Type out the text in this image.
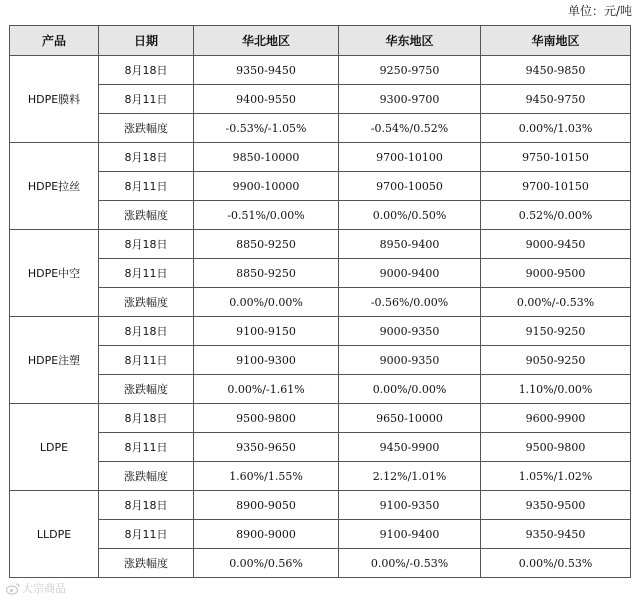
单位：元/吨
产品	日期	华北地区	华东地区	华南地区
HDPE膜料	8月18日	9350-9450	9250-9750	9450-9850
	8月11日	9400-9550	9300-9700	9450-9750
	涨跌幅度	-0.53%/-1.05%	-0.54%/0.52%	0.00%/1.03%
HDPE拉丝	8月18日	9850-10000	9700-10100	9750-10150
	8月11日	9900-10000	9700-10050	9700-10150
	涨跌幅度	-0.51%/0.00%	0.00%/0.50%	0.52%/0.00%
HDPE中空	8月18日	8850-9250	8950-9400	9000-9450
	8月11日	8850-9250	9000-9400	9000-9500
	涨跌幅度	0.00%/0.00%	-0.56%/0.00%	0.00%/-0.53%
HDPE注塑	8月18日	9100-9150	9000-9350	9150-9250
	8月11日	9100-9300	9000-9350	9050-9250
	涨跌幅度	0.00%/-1.61%	0.00%/0.00%	1.10%/0.00%
LDPE	8月18日	9500-9800	9650-10000	9600-9900
	8月11日	9350-9650	9450-9900	9500-9800
	涨跌幅度	1.60%/1.55%	2.12%/1.01%	1.05%/1.02%
LLDPE	8月18日	8900-9050	9100-9350	9350-9500
	8月11日	8900-9000	9100-9400	9350-9450
	涨跌幅度	0.00%/0.56%	0.00%/-0.53%	0.00%/0.53%
大宗商品
